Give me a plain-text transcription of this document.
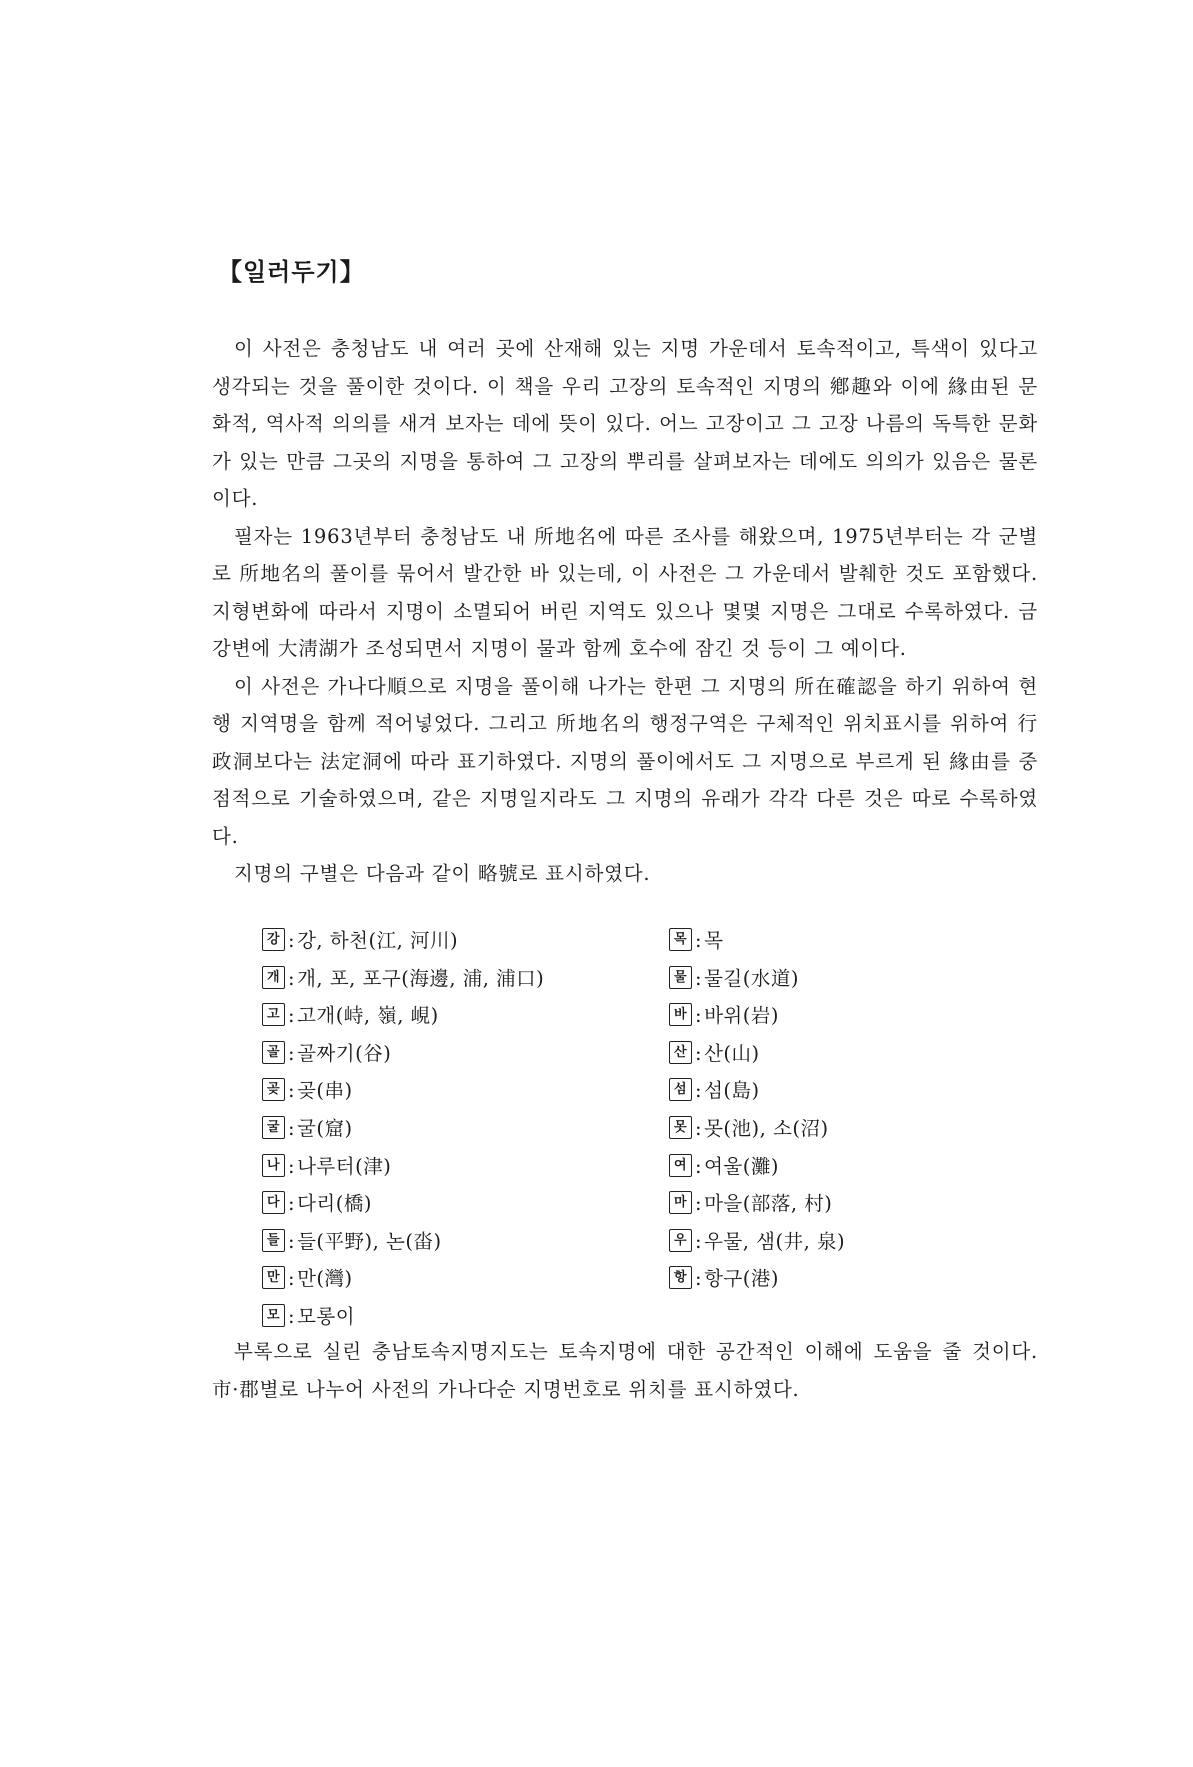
【일러두기】

이 사전은 충청남도 내 여러 곳에 산재해 있는 지명 가운데서 토속적이고, 특색이 있다고 생각되는 것을 풀이한 것이다. 이 책을 우리 고장의 토속적인 지명의 鄕趣와 이에 緣由된 문화적, 역사적 의의를 새겨 보자는 데에 뜻이 있다. 어느 고장이고 그 고장 나름의 독특한 문화가 있는 만큼 그곳의 지명을 통하여 그 고장의 뿌리를 살펴보자는 데에도 의의가 있음은 물론이다.

필자는 1963년부터 충청남도 내 所地名에 따른 조사를 해왔으며, 1975년부터는 각 군별로 所地名의 풀이를 묶어서 발간한 바 있는데, 이 사전은 그 가운데서 발췌한 것도 포함했다. 지형변화에 따라서 지명이 소멸되어 버린 지역도 있으나 몇몇 지명은 그대로 수록하였다. 금강변에 大淸湖가 조성되면서 지명이 물과 함께 호수에 잠긴 것 등이 그 예이다.

이 사전은 가나다順으로 지명을 풀이해 나가는 한편 그 지명의 所在確認을 하기 위하여 현행 지역명을 함께 적어넣었다. 그리고 所地名의 행정구역은 구체적인 위치표시를 위하여 行政洞보다는 法定洞에 따라 표기하였다. 지명의 풀이에서도 그 지명으로 부르게 된 緣由를 중점적으로 기술하였으며, 같은 지명일지라도 그 지명의 유래가 각각 다른 것은 따로 수록하였다.

지명의 구별은 다음과 같이 略號로 표시하였다.

강 : 강, 하천(江, 河川)
개 : 개, 포, 포구(海邊, 浦, 浦口)
고 : 고개(峙, 嶺, 峴)
골 : 골짜기(谷)
곶 : 곶(串)
굴 : 굴(窟)
나 : 나루터(津)
다 : 다리(橋)
들 : 들(平野), 논(畓)
만 : 만(灣)
모 : 모롱이
목 : 목
물 : 물길(水道)
바 : 바위(岩)
산 : 산(山)
섬 : 섬(島)
못 : 못(池), 소(沼)
여 : 여울(灘)
마 : 마을(部落, 村)
우 : 우물, 샘(井, 泉)
항 : 항구(港)

부록으로 실린 충남토속지명지도는 토속지명에 대한 공간적인 이해에 도움을 줄 것이다. 市·郡별로 나누어 사전의 가나다순 지명번호로 위치를 표시하였다.
